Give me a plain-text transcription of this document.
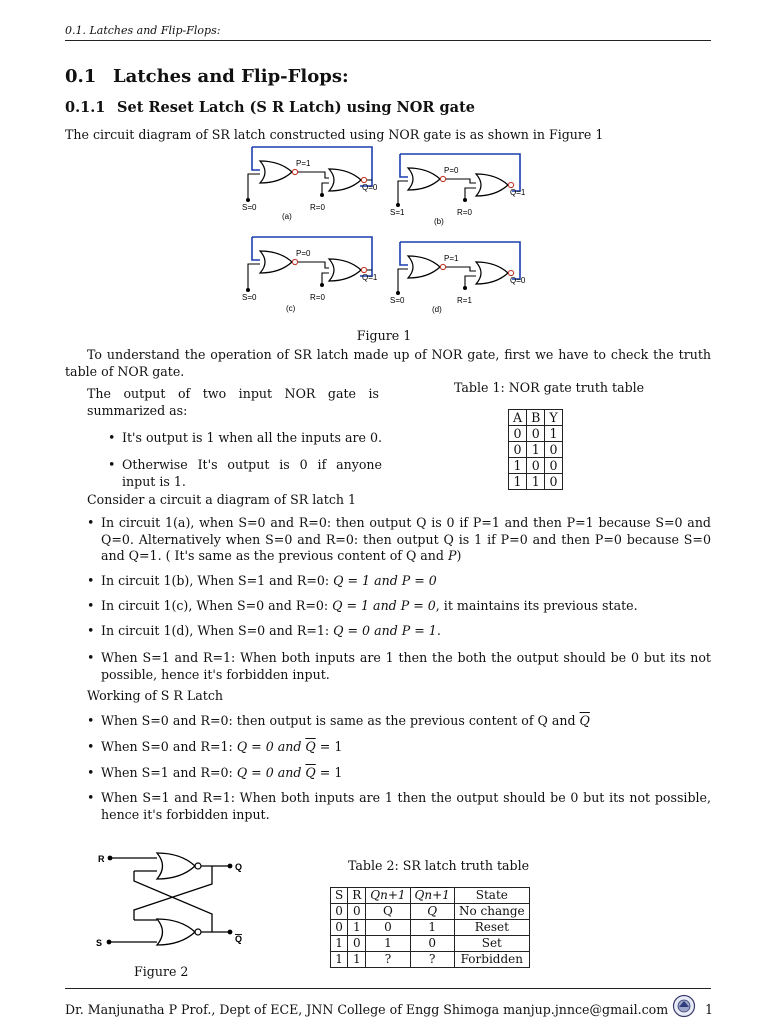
0.1. Latches and Flip-Flops:
0.1 Latches and Flip-Flops:
0.1.1 Set Reset Latch (S R Latch) using NOR gate
The circuit diagram of SR latch constructed using NOR gate is as shown in Figure 1
P=1
Q=0
S=0	R=0
(a)
P=0
Q=1
S=1	R=0
(b)
P=0
Q=1
S=0	R=0
(c)
P=1
Q=0
S=0	R=1
(d)
Figure 1
To understand the operation of SR latch made up of NOR gate, first we have to check the truth table of NOR gate.
The output of two input NOR gate is summarized as:
• It's output is 1 when all the inputs are 0.
• Otherwise It's output is 0 if anyone input is 1.
Table 1: NOR gate truth table
A	B	Y
0	0	1
0	1	0
1	0	0
1	1	0
Consider a circuit a diagram of SR latch 1
• In circuit 1(a), when S=0 and R=0: then output Q is 0 if P=1 and then P=1 because S=0 and Q=0. Alternatively when S=0 and R=0: then output Q is 1 if P=0 and then P=0 because S=0 and Q=1. ( It's same as the previous content of Q and P)
• In circuit 1(b), When S=1 and R=0: Q = 1 and P = 0
• In circuit 1(c), When S=0 and R=0: Q = 1 and P = 0, it maintains its previous state.
• In circuit 1(d), When S=0 and R=1: Q = 0 and P = 1.
• When S=1 and R=1: When both inputs are 1 then the both the output should be 0 but its not possible, hence it's forbidden input.
Working of S R Latch
• When S=0 and R=0: then output is same as the previous content of Q and $\overline{Q}$
• When S=0 and R=1: Q = 0 and $\overline{Q} = 1$
• When S=1 and R=0: Q = 0 and $\overline{Q} = 1$
• When S=1 and R=1: When both inputs are 1 then the output should be 0 but its not possible, hence it's forbidden input.
R
S
Q
Q
Figure 2
Table 2: SR latch truth table
S	R	Qn+1	Qn+1	State
0	0	Q	$\overline{Q}$	No change
0	1	0	1	Reset
1	0	1	0	Set
1	1	?	?	Forbidden
Dr. Manjunatha P Prof., Dept of ECE, JNN College of Engg Shimoga manjup.jnnce@gmail.com	1
